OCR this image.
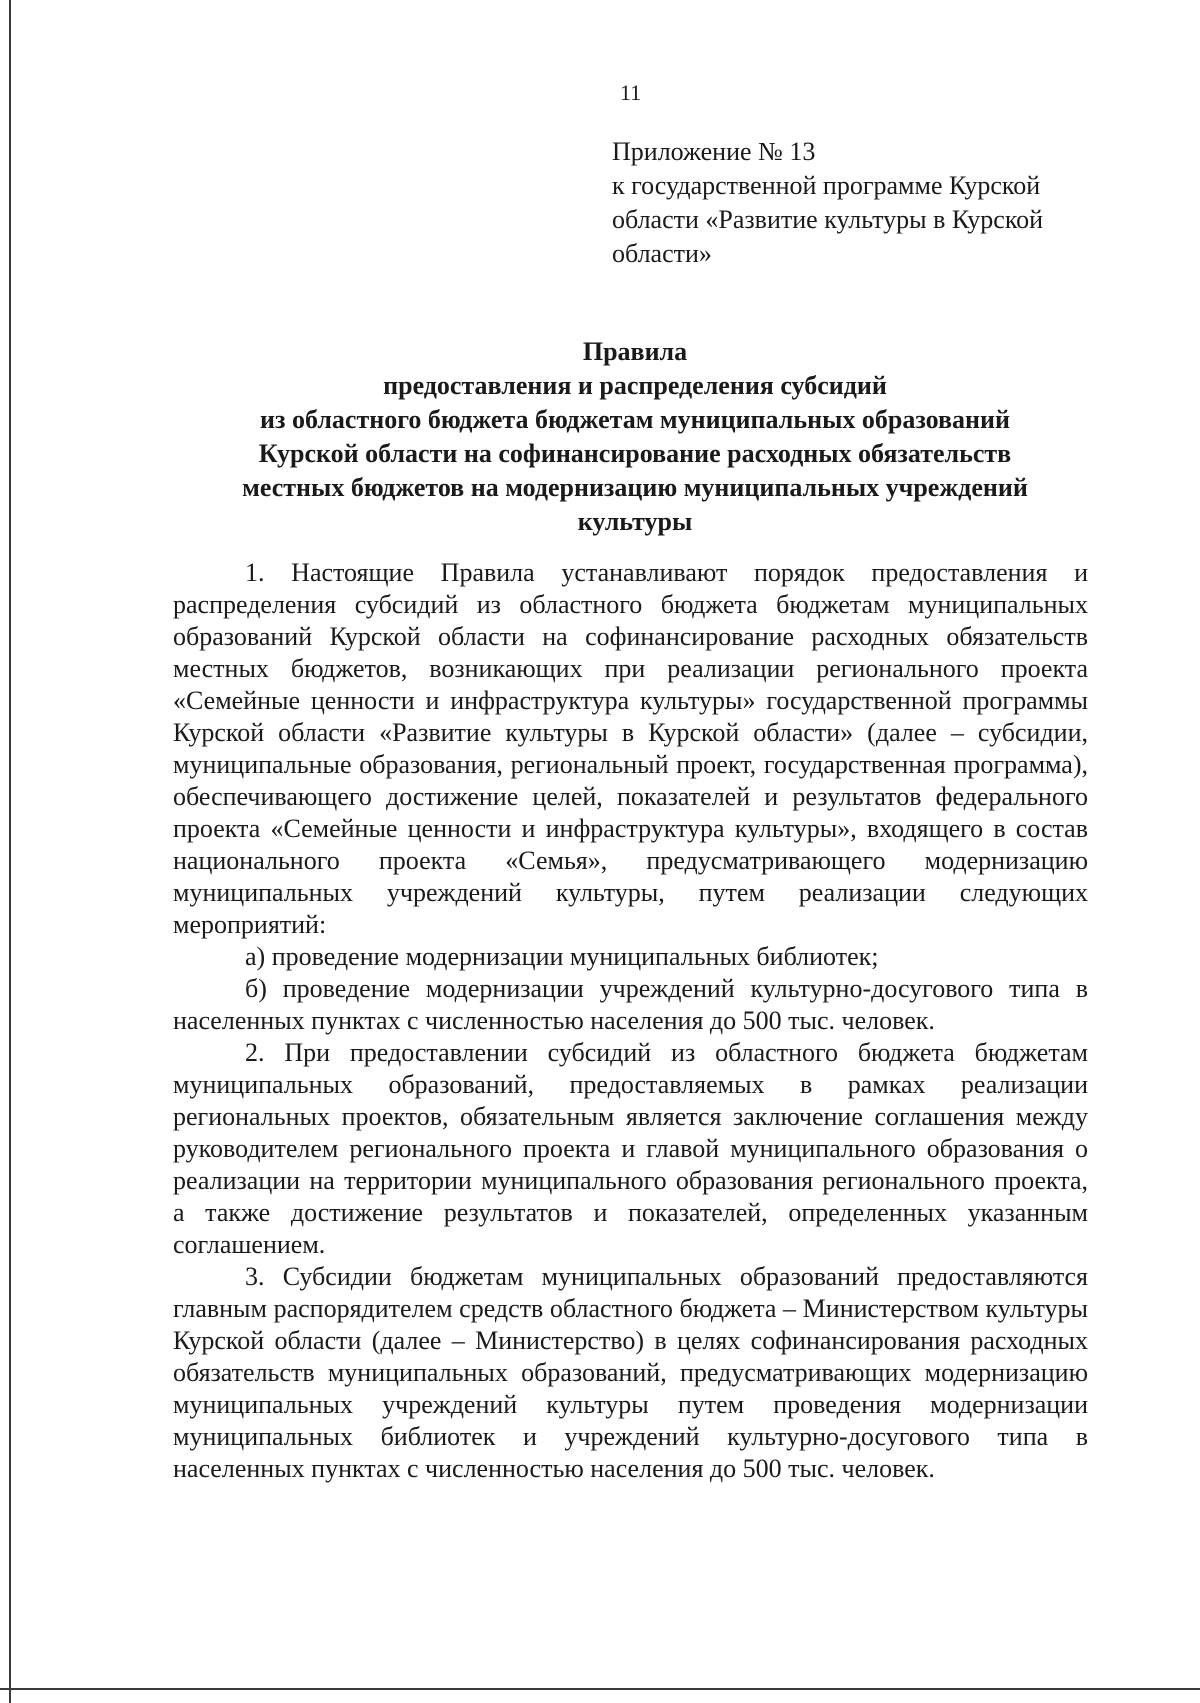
11
Приложение № 13
к государственной программе Курской
области «Развитие культуры в Курской
области»
Правила
предоставления и распределения субсидий
из областного бюджета бюджетам муниципальных образований
Курской области на софинансирование расходных обязательств
местных бюджетов на модернизацию муниципальных учреждений
культуры

1. Настоящие Правила устанавливают порядок предоставления и распределения субсидий из областного бюджета бюджетам муниципальных образований Курской области на софинансирование расходных обязательств местных бюджетов, возникающих при реализации регионального проекта «Семейные ценности и инфраструктура культуры» государственной программы Курской области «Развитие культуры в Курской области» (далее – субсидии, муниципальные образования, региональный проект, государственная программа), обеспечивающего достижение целей, показателей и результатов федерального проекта «Семейные ценности и инфраструктура культуры», входящего в состав национального проекта «Семья», предусматривающего модернизацию муниципальных учреждений культуры, путем реализации следующих мероприятий:

а) проведение модернизации муниципальных библиотек;

б) проведение модернизации учреждений культурно-досугового типа в населенных пунктах с численностью населения до 500 тыс. человек.

2. При предоставлении субсидий из областного бюджета бюджетам муниципальных образований, предоставляемых в рамках реализации региональных проектов, обязательным является заключение соглашения между руководителем регионального проекта и главой муниципального образования о реализации на территории муниципального образования регионального проекта, а также достижение результатов и показателей, определенных указанным соглашением.

3. Субсидии бюджетам муниципальных образований предоставляются главным распорядителем средств областного бюджета – Министерством культуры Курской области (далее – Министерство) в целях софинансирования расходных обязательств муниципальных образований, предусматривающих модернизацию муниципальных учреждений культуры путем проведения модернизации муниципальных библиотек и учреждений культурно-досугового типа в населенных пунктах с численностью населения до 500 тыс. человек.
